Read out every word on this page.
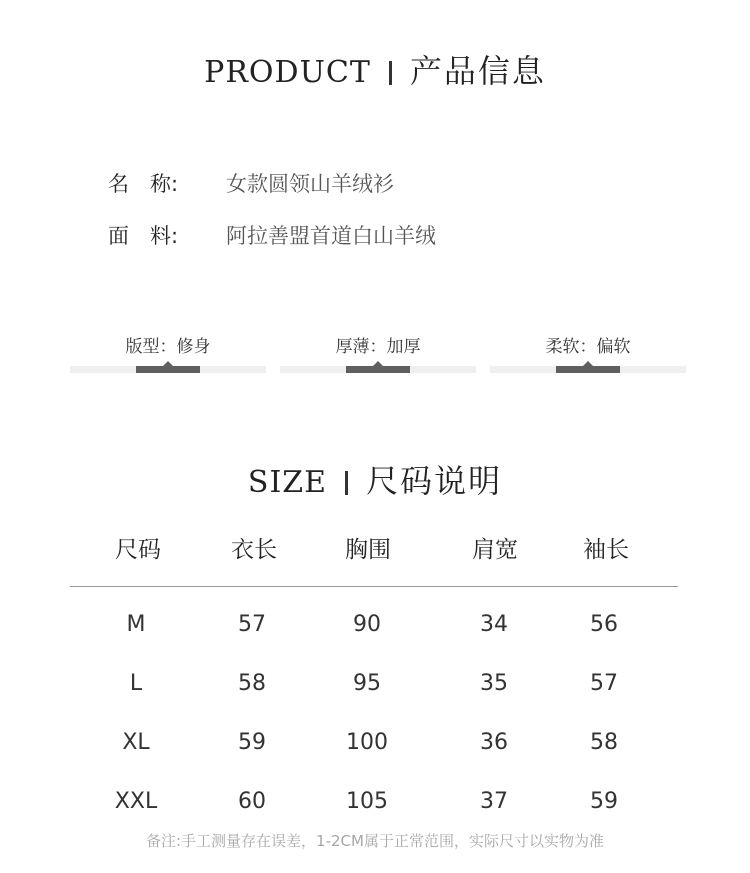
PRODUCT 产品信息
名　称: 女款圆领山羊绒衫
面　料: 阿拉善盟首道白山羊绒
版型：修身	厚薄：加厚	柔软：偏软
SIZE 尺码说明
尺码	衣长	胸围	肩宽	袖长
M	57	90	34	56
L	58	95	35	57
XL	59	100	36	58
XXL	60	105	37	59
备注:手工测量存在误差，1-2CM属于正常范围，实际尺寸以实物为准
